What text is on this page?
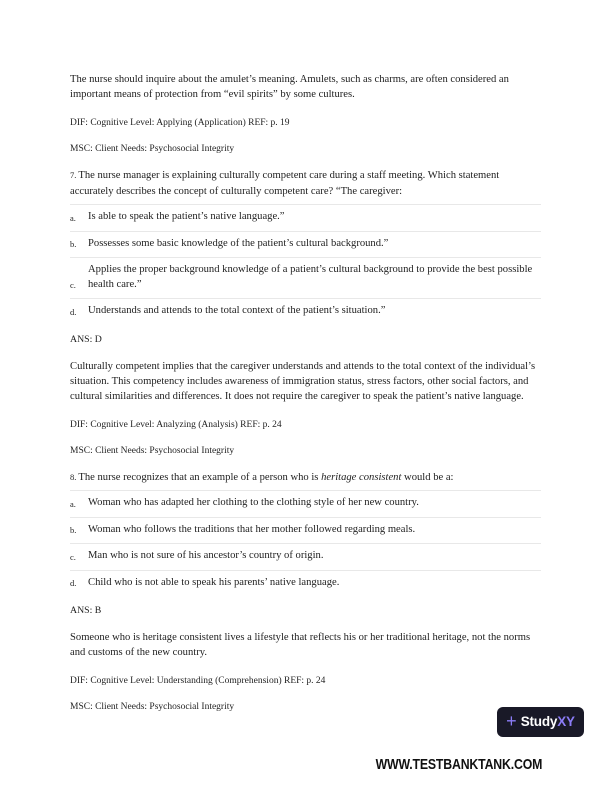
The nurse should inquire about the amulet’s meaning. Amulets, such as charms, are often considered an important means of protection from “evil spirits” by some cultures.

DIF: Cognitive Level: Applying (Application) REF: p. 19

MSC: Client Needs: Psychosocial Integrity

7. The nurse manager is explaining culturally competent care during a staff meeting. Which statement accurately describes the concept of culturally competent care? “The caregiver:

a.	Is able to speak the patient’s native language.”
b.	Possesses some basic knowledge of the patient’s cultural background.”
c.
Applies the proper background knowledge of a patient’s cultural background to provide the best possible health care.”
d.	Understands and attends to the total context of the patient’s situation.”

ANS: D

Culturally competent implies that the caregiver understands and attends to the total context of the individual’s situation. This competency includes awareness of immigration status, stress factors, other social factors, and cultural similarities and differences. It does not require the caregiver to speak the patient’s native language.

DIF: Cognitive Level: Analyzing (Analysis) REF: p. 24

MSC: Client Needs: Psychosocial Integrity

8. The nurse recognizes that an example of a person who is heritage consistent would be a:

a.	Woman who has adapted her clothing to the clothing style of her new country.
b.	Woman who follows the traditions that her mother followed regarding meals.
c.	Man who is not sure of his ancestor’s country of origin.
d.	Child who is not able to speak his parents’ native language.

ANS: B

Someone who is heritage consistent lives a lifestyle that reflects his or her traditional heritage, not the norms and customs of the new country.

DIF: Cognitive Level: Understanding (Comprehension) REF: p. 24

MSC: Client Needs: Psychosocial Integrity

+ StudyXY
WWW.TESTBANKTANK.COM
